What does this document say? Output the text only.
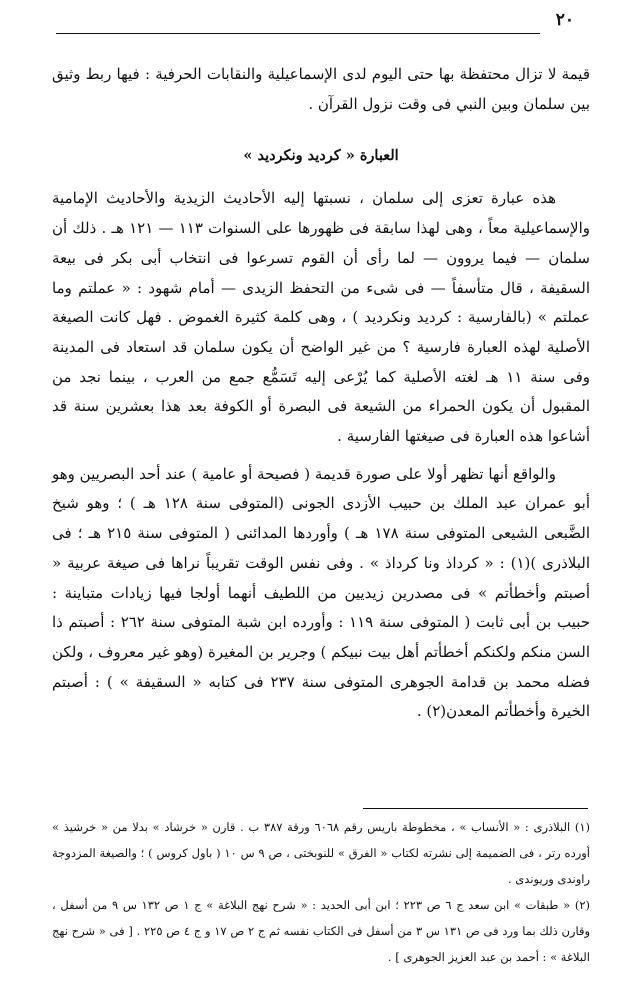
٢٠

قيمة لا تزال محتفظة بها حتى اليوم لدى الإسماعيلية والنقابات الحرفية : فيها ربط وثيق بين سلمان وبين النبي فى وقت نزول القرآن .

العبارة « كرديد ونكرديد »

هذه عبارة تعزى إلى سلمان ، نسبتها إليه الأحاديث الزيدية والأحاديث الإمامية والإسماعيلية معاً ، وهى لهذا سابقة فى ظهورها على السنوات ١١٣ — ١٢١ هـ . ذلك أن سلمان — فيما يروون — لما رأى أن القوم تسرعوا فى انتخاب أبى بكر فى بيعة السقيفة ، قال متأسفاً — فى شىء من التحفظ الزيدى — أمام شهود : « عملتم وما عملتم » (بالفارسية : كرديد ونكرديد ) ، وهى كلمة كثيرة الغموض . فهل كانت الصيغة الأصلية لهذه العبارة فارسية ؟ من غير الواضح أن يكون سلمان قد استعاد فى المدينة وفى سنة ١١ هـ لغته الأصلية كما يُرْعى إليه تَسَمُّع جمع من العرب ، بينما نجد من المقبول أن يكون الحمراء من الشيعة فى البصرة أو الكوفة بعد هذا بعشرين سنة قد أشاعوا هذه العبارة فى صيغتها الفارسية .

والواقع أنها تظهر أولا على صورة قديمة ( فصيحة أو عامية ) عند أحد البصريين وهو أبو عمران عبد الملك بن حبيب الأزدى الجونى (المتوفى سنة ١٢٨ هـ ) ؛ وهو شيخ الضَّبعى الشيعى المتوفى سنة ١٧٨ هـ ) وأوردها المدائنى ( المتوفى سنة ٢١٥ هـ ؛ فى البلاذرى )(١) : « كرداذ ونا كرداذ » . وفى نفس الوقت تقريباً نراها فى صيغة عربية « أصبتم وأخطأتم » فى مصدرين زيديين من اللطيف أنهما أولجا فيها زيادات متباينة : حبيب بن أبى ثابت ( المتوفى سنة ١١٩ : وأورده ابن شبة المتوفى سنة ٢٦٢ : أصبتم ذا السن منكم ولكنكم أخطأتم أهل بيت نبيكم ) وجرير بن المغيرة (وهو غير معروف ، ولكن فضله محمد بن قدامة الجوهرى المتوفى سنة ٢٣٧ فى كتابه « السقيفة » ) : أصبتم الخيرة وأخطأتم المعدن(٢) .

(١) البلاذرى : « الأنساب » ، مخطوطة باريس رقم ٦٠٦٨ ورقة ٣٨٧ ب . قارن « خرشاد » بدلا من « خرشيذ » أورده رتر ، فى الضميمة إلى نشرته لكتاب « الفرق » للنوبختى ، ص ٩ س ١٠ ( باول كروس ) ؛ والصيغة المزدوجة راوندى وريوندى .

(٢) « طبقات » ابن سعد ج ٦ ص ٢٢٣ ؛ ابن أبى الحديد : « شرح نهج البلاغة » ج ١ ص ١٣٢ س ٩ من أسفل ، وقارن ذلك بما ورد فى ص ١٣١ س ٣ من أسفل فى الكتاب نفسه ثم ج ٢ ص ١٧ و ج ٤ ص ٢٢٥ . [ فى « شرح نهج البلاغة » : أحمد بن عبد العزيز الجوهرى ] .
